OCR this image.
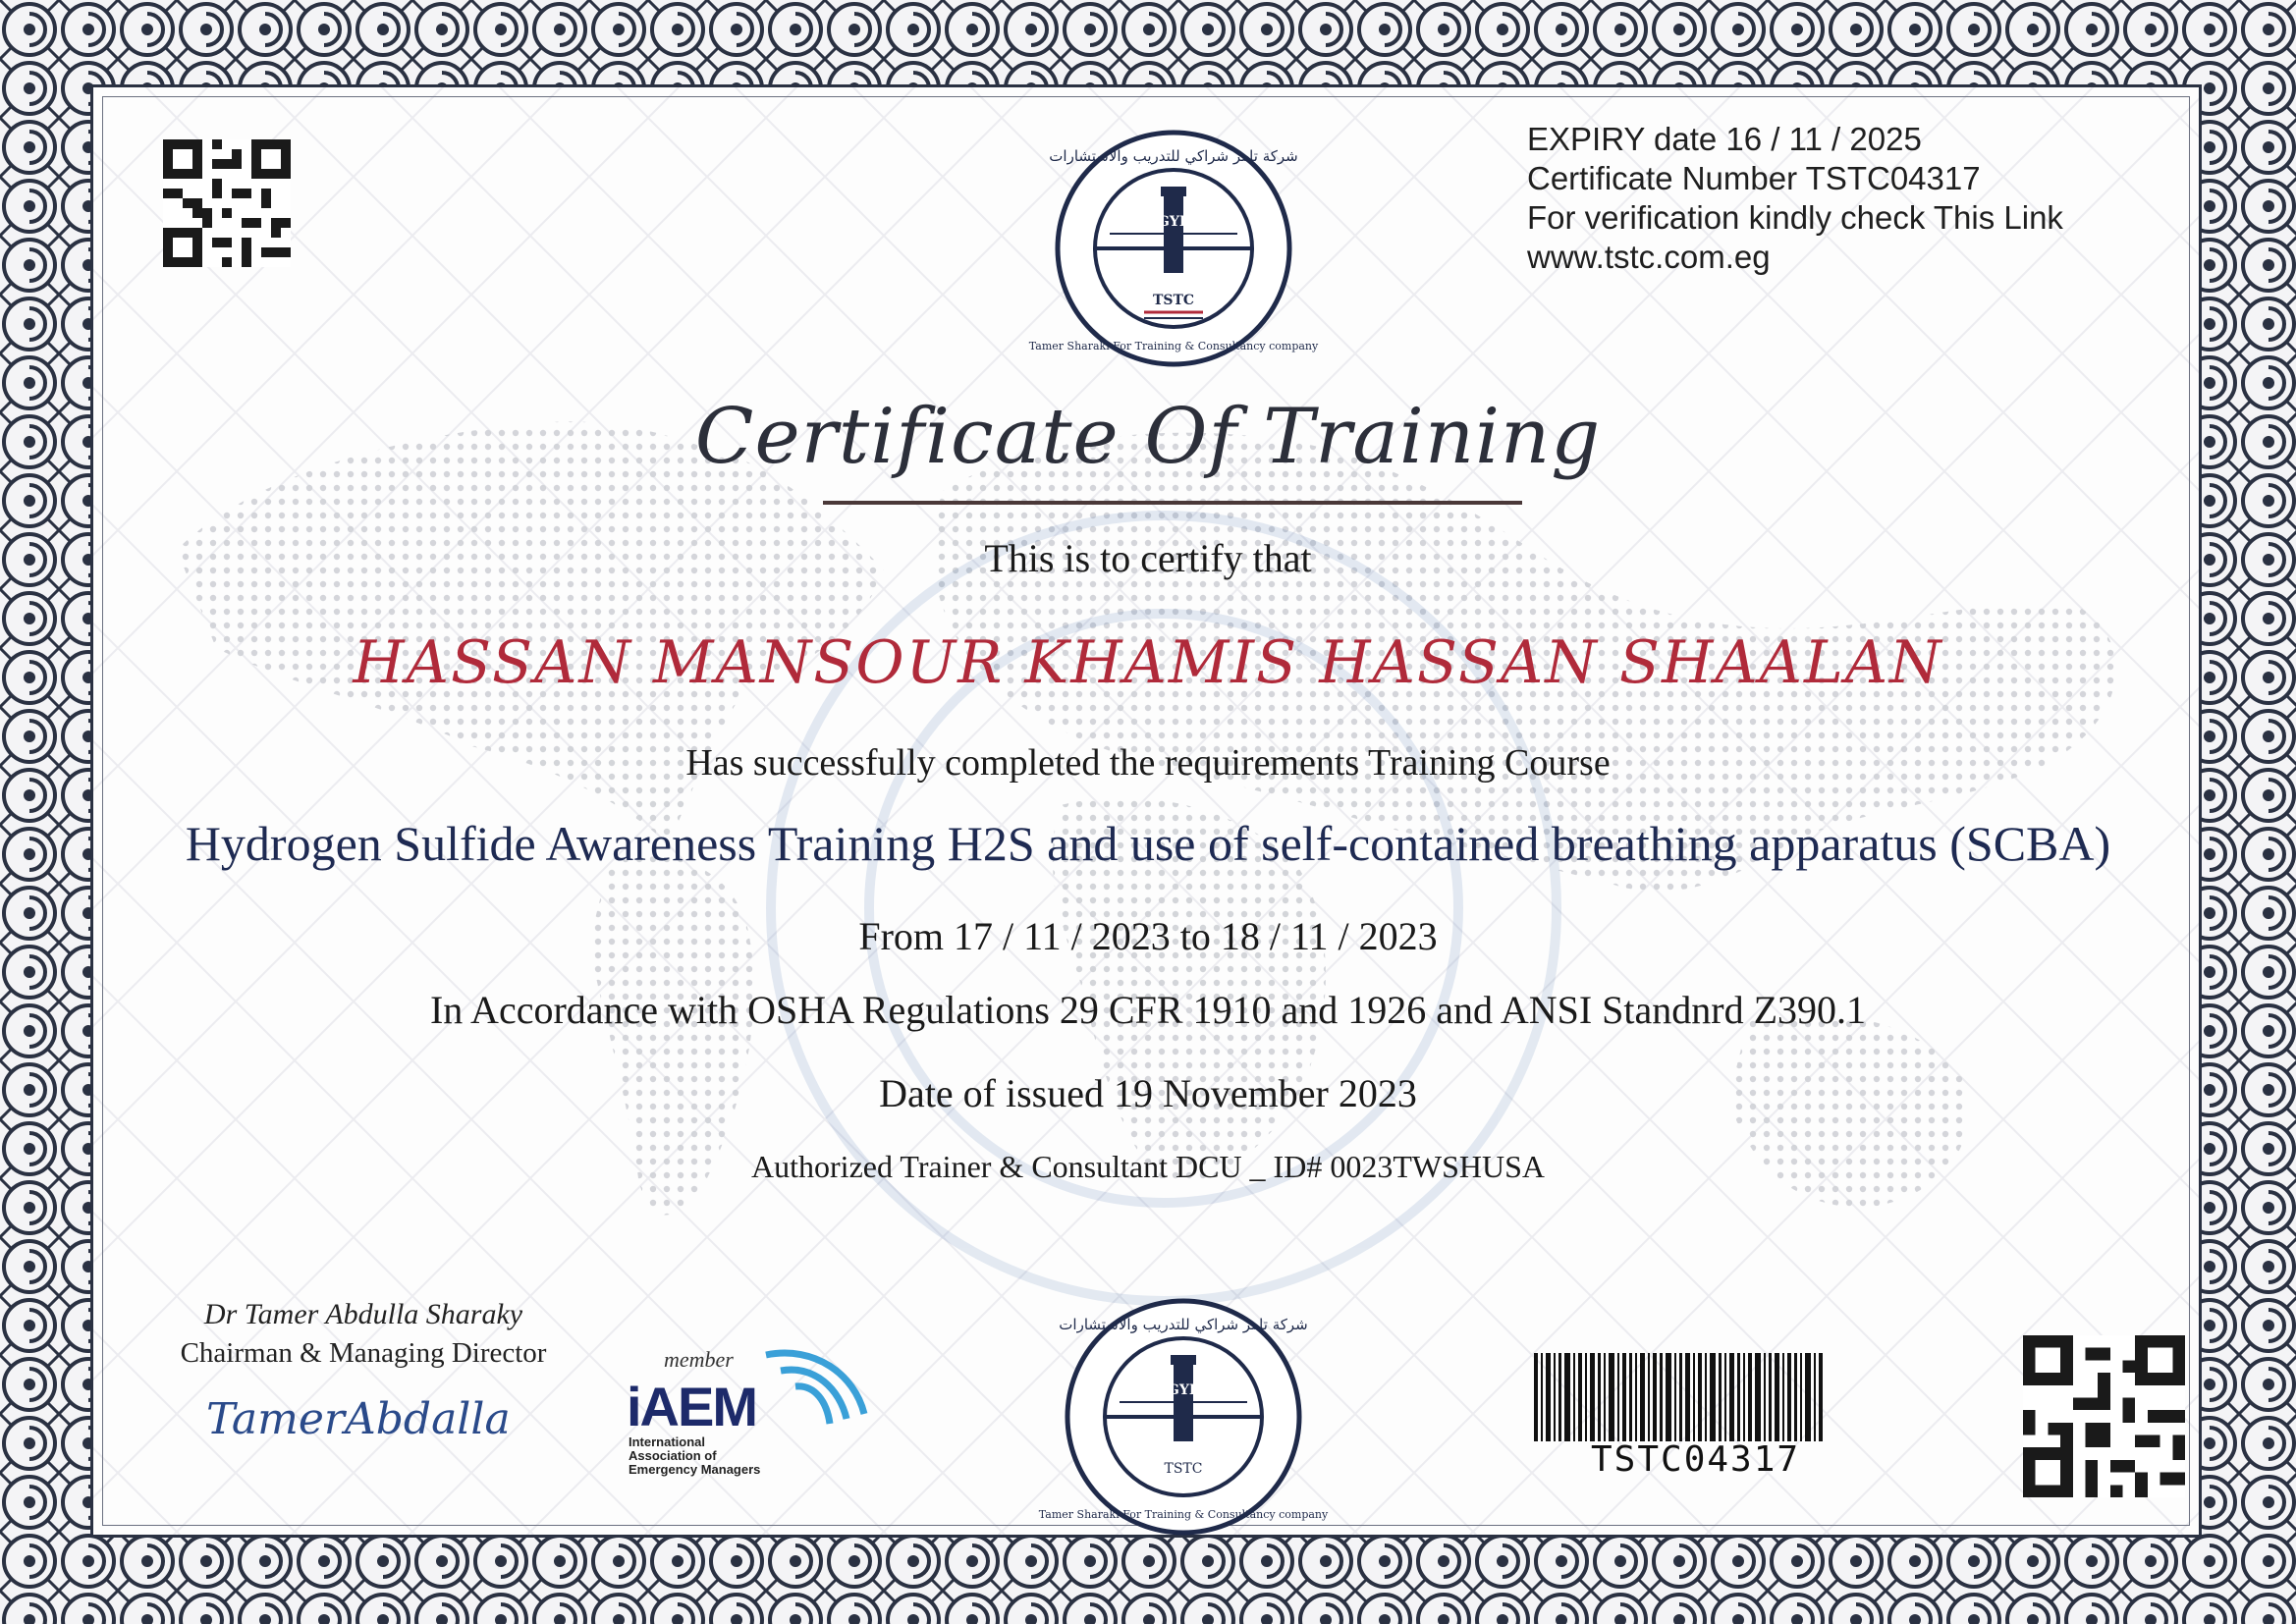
EXPIRY date 16 / 11 / 2025
Certificate Number TSTC04317
For verification kindly check This Link
www.tstc.com.eg
EGYPT
TSTC
شركة تامر شراكي للتدريب والاستشارات
Tamer Sharaki For Training & Consultancy company
Certificate Of Training
This is to certify that
HASSAN MANSOUR KHAMIS HASSAN SHAALAN
Has successfully completed the requirements Training Course
Hydrogen Sulfide Awareness Training H2S and use of self-contained breathing apparatus (SCBA)
From 17 / 11 / 2023 to 18 / 11 / 2023
In Accordance with OSHA Regulations 29 CFR 1910 and 1926 and ANSI Standnrd Z390.1
Date of issued 19 November 2023
Authorized Trainer & Consultant DCU _ ID# 0023TWSHUSA
Dr Tamer Abdulla Sharaky
Chairman & Managing Director
TamerAbdalla
member
iAEM
International
Association of
Emergency Managers
EGYPT
TSTC
شركة تامر شراكي للتدريب والاستشارات
Tamer Sharaki For Training & Consultancy company
TSTC04317
